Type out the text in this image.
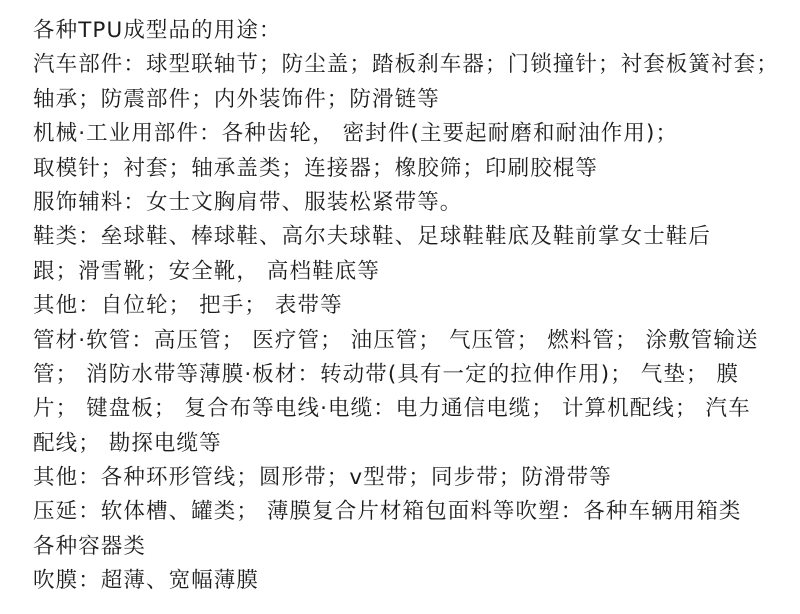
各种TPU成型品的用途：
汽车部件：球型联轴节；防尘盖；踏板刹车器；门锁撞针；衬套板簧衬套；
轴承；防震部件；内外装饰件；防滑链等
机械·工业用部件：各种齿轮， 密封件(主要起耐磨和耐油作用)；
取模针；衬套；轴承盖类；连接器；橡胶筛；印刷胶棍等
服饰辅料：女士文胸肩带、服装松紧带等。
鞋类：垒球鞋、棒球鞋、高尔夫球鞋、足球鞋鞋底及鞋前掌女士鞋后
跟；滑雪靴；安全靴， 高档鞋底等
其他：自位轮； 把手； 表带等
管材·软管：高压管； 医疗管； 油压管； 气压管； 燃料管； 涂敷管输送
管； 消防水带等薄膜·板材：转动带(具有一定的拉伸作用)； 气垫； 膜
片； 键盘板； 复合布等电线·电缆：电力通信电缆； 计算机配线； 汽车
配线； 勘探电缆等
其他：各种环形管线；圆形带；v型带；同步带；防滑带等
压延：软体槽、罐类； 薄膜复合片材箱包面料等吹塑：各种车辆用箱类
各种容器类
吹膜：超薄、宽幅薄膜
